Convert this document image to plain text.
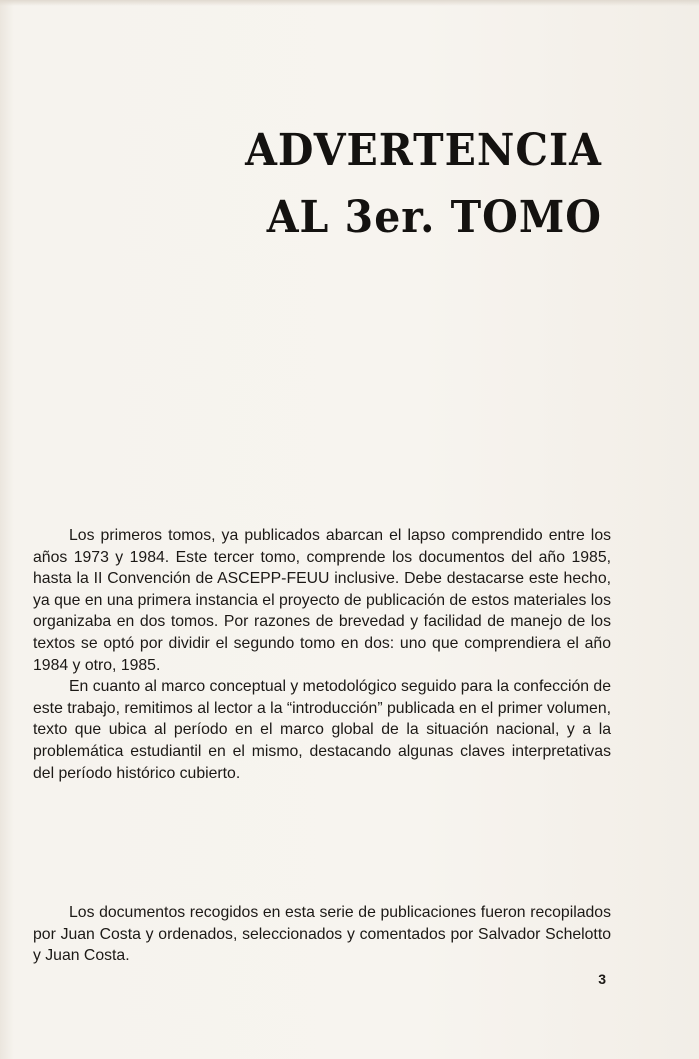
ADVERTENCIA
AL 3er. TOMO

Los primeros tomos, ya publicados abarcan el lapso comprendido entre los años 1973 y 1984. Este tercer tomo, comprende los documentos del año 1985, hasta la II Convención de ASCEPP-FEUU inclusive. Debe destacarse este hecho, ya que en una primera instancia el proyecto de publicación de estos materiales los organizaba en dos tomos. Por razones de brevedad y facilidad de manejo de los textos se optó por dividir el segundo tomo en dos: uno que comprendiera el año 1984 y otro, 1985.

En cuanto al marco conceptual y metodológico seguido para la confección de este trabajo, remitimos al lector a la “introducción” publicada en el primer volumen, texto que ubica al período en el marco global de la situación nacional, y a la problemática estudiantil en el mismo, destacando algunas claves interpretativas del período histórico cubierto.

Los documentos recogidos en esta serie de publicaciones fueron recopilados por Juan Costa y ordenados, seleccionados y comentados por Salvador Schelotto y Juan Costa.

3
